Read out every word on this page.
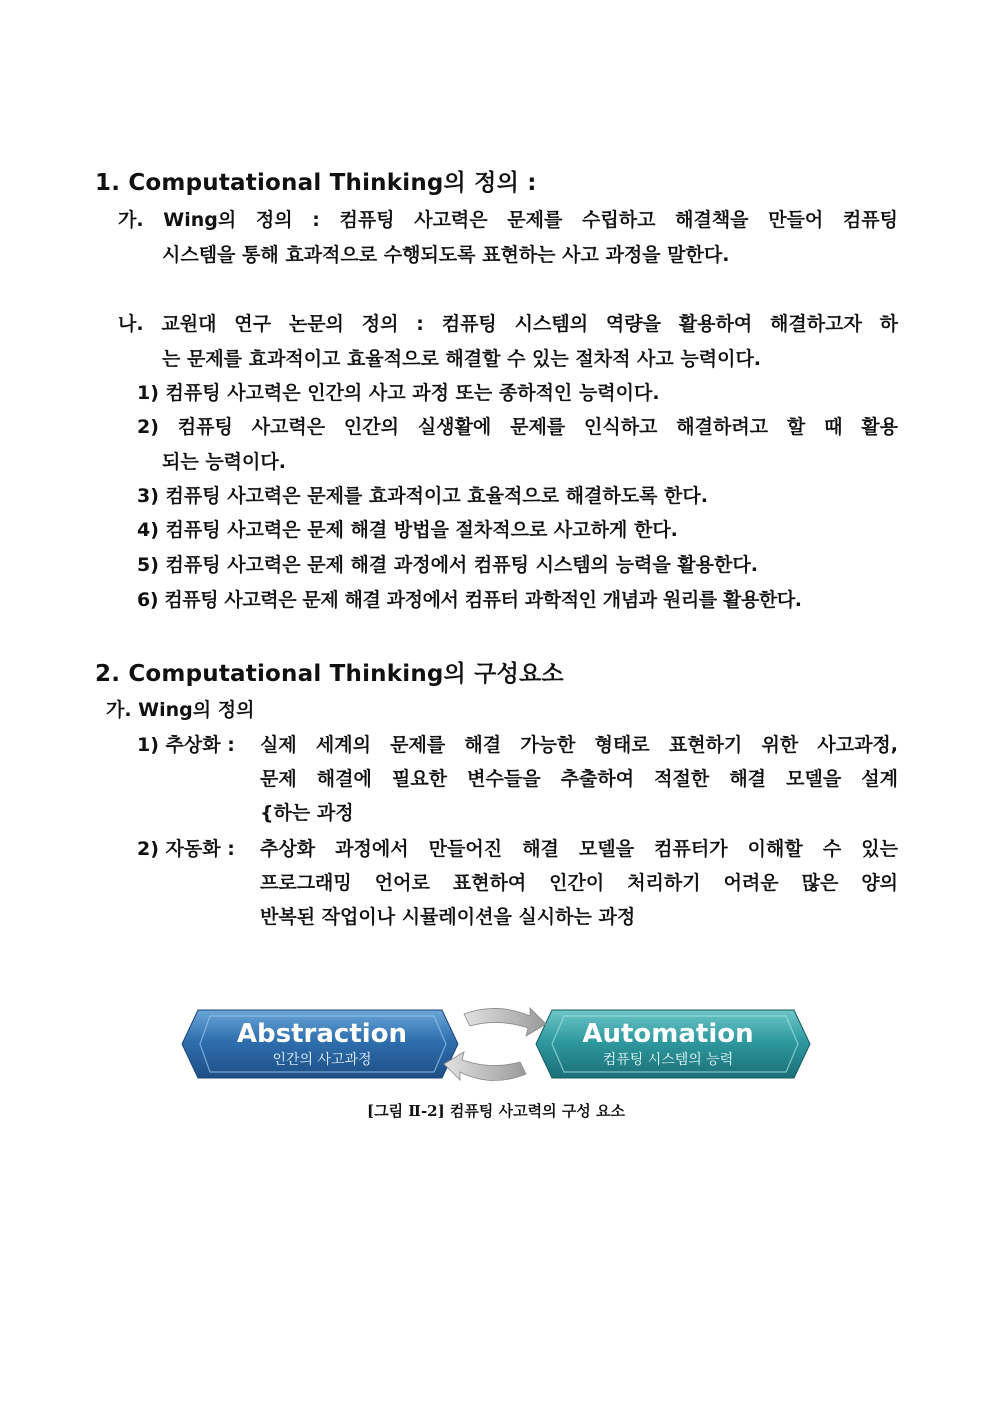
1. Computational Thinking의 정의 :
가. Wing의 정의 : 컴퓨팅 사고력은 문제를 수립하고 해결책을 만들어 컴퓨팅
시스템을 통해 효과적으로 수행되도록 표현하는 사고 과정을 말한다.
나. 교원대 연구 논문의 정의 : 컴퓨팅 시스템의 역량을 활용하여 해결하고자 하
는 문제를 효과적이고 효율적으로 해결할 수 있는 절차적 사고 능력이다.
1) 컴퓨팅 사고력은 인간의 사고 과정 또는 종하적인 능력이다.
2) 컴퓨팅 사고력은 인간의 실생활에 문제를 인식하고 해결하려고 할 때 활용
되는 능력이다.
3) 컴퓨팅 사고력은 문제를 효과적이고 효율적으로 해결하도록 한다.
4) 컴퓨팅 사고력은 문제 해결 방법을 절차적으로 사고하게 한다.
5) 컴퓨팅 사고력은 문제 해결 과정에서 컴퓨팅 시스템의 능력을 활용한다.
6) 컴퓨팅 사고력은 문제 해결 과정에서 컴퓨터 과학적인 개념과 원리를 활용한다.
2. Computational Thinking의 구성요소
가. Wing의 정의
1) 추상화 : 실제 세계의 문제를 해결 가능한 형태로 표현하기 위한 사고과정,
문제 해결에 필요한 변수들을 추출하여 적절한 해결 모델을 설계
{하는 과정
2) 자동화 : 추상화 과정에서 만들어진 해결 모델을 컴퓨터가 이해할 수 있는
프로그래밍 언어로 표현하여 인간이 처리하기 어려운 많은 양의
반복된 작업이나 시뮬레이션을 실시하는 과정
Abstraction
인간의 사고과정
Automation
컴퓨팅 시스템의 능력
[그림 Ⅱ-2] 컴퓨팅 사고력의 구성 요소
